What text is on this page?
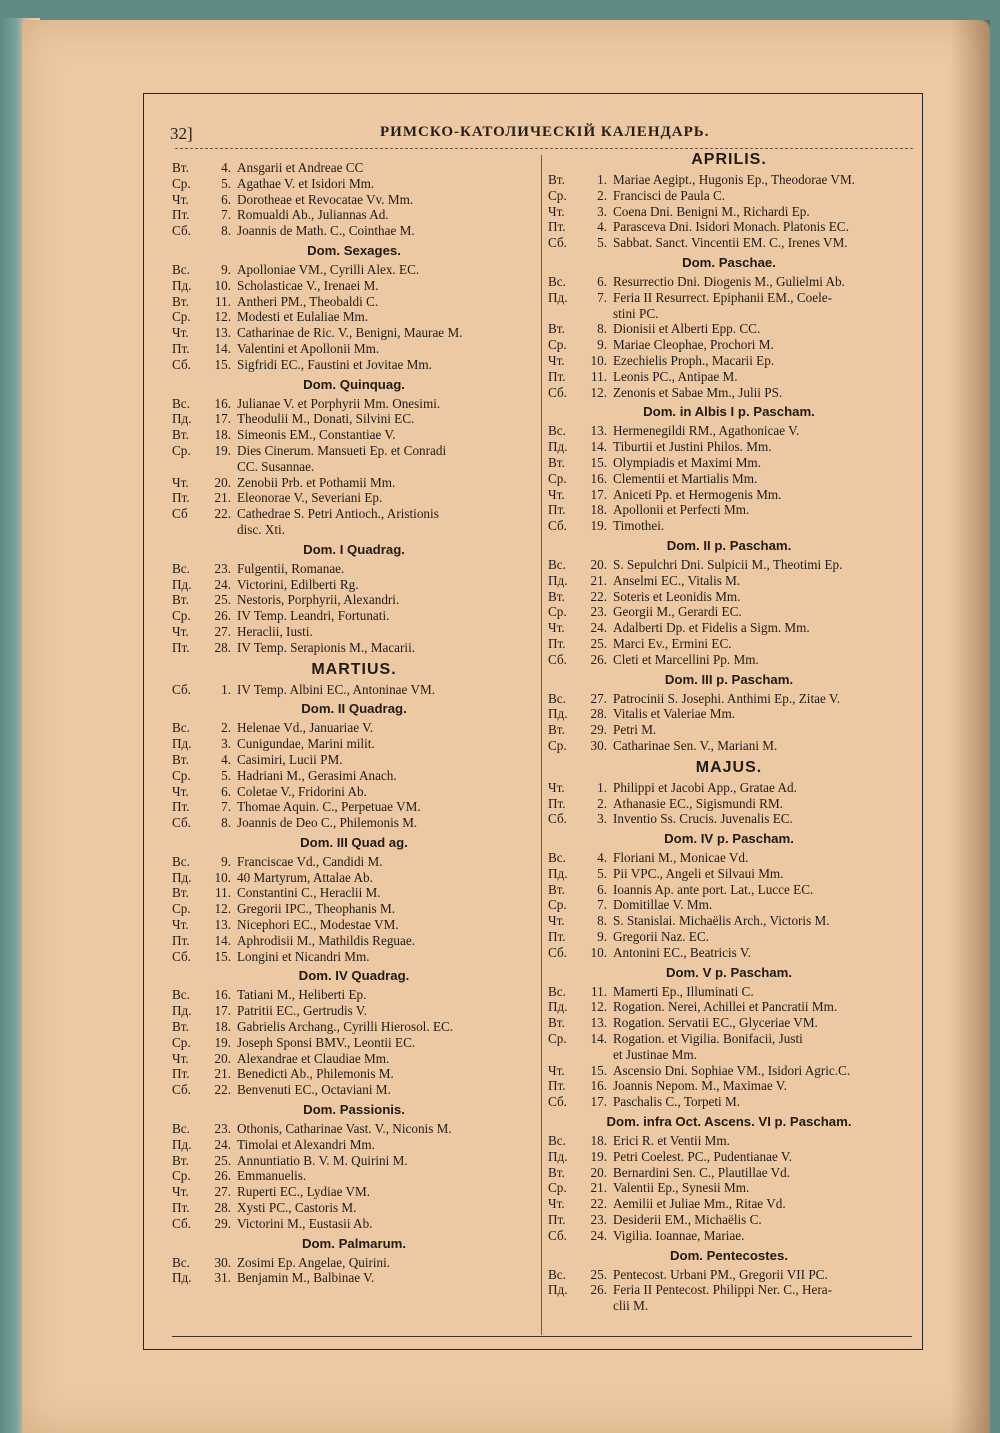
32]	РИМСКО-КАТОЛИЧЕСКІЙ КАЛЕНДАРЬ.
Вт.	4. Ansgarii et Andreae CC
Ср.	5. Agathae V. et Isidori Mm.
Чт.	6. Dorotheae et Revocatae Vv. Mm.
Пт.	7. Romualdi Ab., Juliannas Ad.
Сб.	8. Joannis de Math. C., Cointhae M.
Dom. Sexages.
Вс.	9. Apolloniae VM., Cyrilli Alex. EC.
Пд.	10. Scholasticae V., Irenaei M.
Вт.	11. Antheri PM., Theobaldi C.
Ср.	12. Modesti et Eulaliae Mm.
Чт.	13. Catharinae de Ric. V., Benigni, Maurae M.
Пт.	14. Valentini et Apollonii Mm.
Сб.	15. Sigfridi EC., Faustini et Jovitae Mm.
Dom. Quinquag.
Вс.	16. Julianae V. et Porphyrii Mm. Onesimi.
Пд.	17. Theodulii M., Donati, Silvini EC.
Вт.	18. Simeonis EM., Constantiae V.
Ср.	19. Dies Cinerum. Mansueti Ep. et Conradi
CC. Susannae.
Чт.	20. Zenobii Prb. et Pothamii Mm.
Пт.	21. Eleonorae V., Severiani Ep.
Сб	22. Cathedrae S. Petri Antioch., Aristionis
disc. Xti.
Dom. I Quadrag.
Вс.	23. Fulgentii, Romanae.
Пд.	24. Victorini, Edilberti Rg.
Вт.	25. Nestoris, Porphyrii, Alexandri.
Ср.	26. IV Temp. Leandri, Fortunati.
Чт.	27. Heraclii, Iusti.
Пт.	28. IV Temp. Serapionis M., Macarii.
MARTIUS.
Сб.	1. IV Temp. Albini EC., Antoninae VM.
Dom. II Quadrag.
Вс.	2. Helenae Vd., Januariae V.
Пд.	3. Cunigundae, Marini milit.
Вт.	4. Casimiri, Lucii PM.
Ср.	5. Hadriani M., Gerasimi Anach.
Чт.	6. Coletae V., Fridorini Ab.
Пт.	7. Thomae Aquin. C., Perpetuae VM.
Сб.	8. Joannis de Deo C., Philemonis M.
Dom. III Quad ag.
Вс.	9. Franciscae Vd., Candidi M.
Пд.	10. 40 Martyrum, Attalae Ab.
Вт.	11. Constantini C., Heraclii M.
Ср.	12. Gregorii IPC., Theophanis M.
Чт.	13. Nicephori EC., Modestae VM.
Пт.	14. Aphrodisii M., Mathildis Reguae.
Сб.	15. Longini et Nicandri Mm.
Dom. IV Quadrag.
Вс.	16. Tatiani M., Heliberti Ep.
Пд.	17. Patritii EC., Gertrudis V.
Вт.	18. Gabrielis Archang., Cyrilli Hierosol. EC.
Ср.	19. Joseph Sponsi BMV., Leontii EC.
Чт.	20. Alexandrae et Claudiae Mm.
Пт.	21. Benedicti Ab., Philemonis M.
Сб.	22. Benvenuti EC., Octaviani M.
Dom. Passionis.
Вс.	23. Othonis, Catharinae Vast. V., Niconis M.
Пд.	24. Timolai et Alexandri Mm.
Вт.	25. Annuntiatio B. V. M. Quirini M.
Ср.	26. Emmanuelis.
Чт.	27. Ruperti EC., Lydiae VM.
Пт.	28. Xysti PC., Castoris M.
Сб.	29. Victorini M., Eustasii Ab.
Dom. Palmarum.
Вс.	30. Zosimi Ep. Angelae, Quirini.
Пд.	31. Benjamin M., Balbinae V.
APRILIS.
Вт.	1. Mariae Aegipt., Hugonis Ep., Theodorae VM.
Ср.	2. Francisci de Paula C.
Чт.	3. Coena Dni. Benigni M., Richardi Ep.
Пт.	4. Parasceva Dni. Isidori Monach. Platonis EC.
Сб.	5. Sabbat. Sanct. Vincentii EM. C., Irenes VM.
Dom. Paschae.
Вс.	6. Resurrectio Dni. Diogenis M., Gulielmi Ab.
Пд.	7. Feria II Resurrect. Epiphanii EM., Coele-
stini PC.
Вт.	8. Dionisii et Alberti Epp. CC.
Ср.	9. Mariae Cleophae, Prochori M.
Чт.	10. Ezechielis Proph., Macarii Ep.
Пт.	11. Leonis PC., Antipae M.
Сб.	12. Zenonis et Sabae Mm., Julii PS.
Dom. in Albis I p. Pascham.
Вс.	13. Hermenegildi RM., Agathonicae V.
Пд.	14. Tiburtii et Justini Philos. Mm.
Вт.	15. Olympiadis et Maximi Mm.
Ср.	16. Clementii et Martialis Mm.
Чт.	17. Aniceti Pp. et Hermogenis Mm.
Пт.	18. Apollonii et Perfecti Mm.
Сб.	19. Timothei.
Dom. II p. Pascham.
Вс.	20. S. Sepulchri Dni. Sulpicii M., Theotimi Ep.
Пд.	21. Anselmi EC., Vitalis M.
Вт.	22. Soteris et Leonidis Mm.
Ср.	23. Georgii M., Gerardi EC.
Чт.	24. Adalberti Dp. et Fidelis a Sigm. Mm.
Пт.	25. Marci Ev., Ermini EC.
Сб.	26. Cleti et Marcellini Pp. Mm.
Dom. III p. Pascham.
Вс.	27. Patrocinii S. Josephi. Anthimi Ep., Zitae V.
Пд.	28. Vitalis et Valeriae Mm.
Вт.	29. Petri M.
Ср.	30. Catharinae Sen. V., Mariani M.
MAJUS.
Чт.	1. Philippi et Jacobi App., Gratae Ad.
Пт.	2. Athanasie EC., Sigismundi RM.
Сб.	3. Inventio Ss. Crucis. Juvenalis EC.
Dom. IV p. Pascham.
Вс.	4. Floriani M., Monicae Vd.
Пд.	5. Pii VPC., Angeli et Silvaui Mm.
Вт.	6. Ioannis Ap. ante port. Lat., Lucce EC.
Ср.	7. Domitillae V. Mm.
Чт.	8. S. Stanislai. Michaëlis Arch., Victoris M.
Пт.	9. Gregorii Naz. EC.
Сб.	10. Antonini EC., Beatricis V.
Dom. V p. Pascham.
Вс.	11. Mamerti Ep., Illuminati C.
Пд.	12. Rogation. Nerei, Achillei et Pancratii Mm.
Вт.	13. Rogation. Servatii EC., Glyceriae VM.
Ср.	14. Rogation. et Vigilia. Bonifacii, Justi
et Justinae Mm.
Чт.	15. Ascensio Dni. Sophiae VM., Isidori Agric.C.
Пт.	16. Joannis Nepom. M., Maximae V.
Сб.	17. Paschalis C., Torpeti M.
Dom. infra Oct. Ascens. VI p. Pascham.
Вс.	18. Erici R. et Ventii Mm.
Пд.	19. Petri Coelest. PC., Pudentianae V.
Вт.	20. Bernardini Sen. C., Plautillae Vd.
Ср.	21. Valentii Ep., Synesii Mm.
Чт.	22. Aemilii et Juliae Mm., Ritae Vd.
Пт.	23. Desiderii EM., Michaëlis C.
Сб.	24. Vigilia. Ioannae, Mariae.
Dom. Pentecostes.
Вс.	25. Pentecost. Urbani PM., Gregorii VII PC.
Пд.	26. Feria II Pentecost. Philippi Ner. C., Hera-
clii M.
